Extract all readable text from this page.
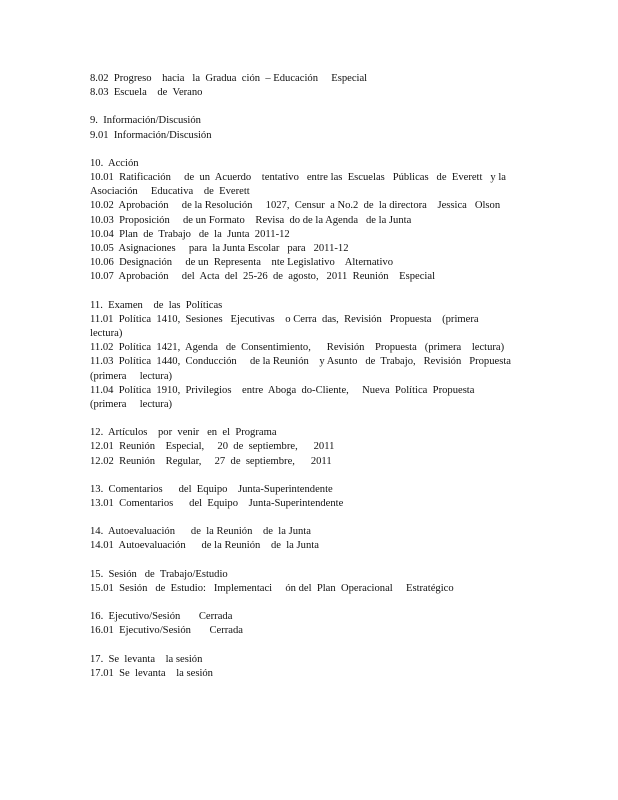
8.02  Progreso    hacia   la  Gradua  ción  – Educación     Especial
8.03  Escuela    de  Verano
9.  Información/Discusión
9.01  Información/Discusión
10.  Acción
10.01  Ratificación     de  un  Acuerdo    tentativo   entre las  Escuelas   Públicas   de  Everett   y la
Asociación     Educativa    de  Everett
10.02  Aprobación     de la Resolución     1027,  Censur  a No.2  de  la directora    Jessica   Olson
10.03  Proposición     de un Formato    Revisa  do de la Agenda   de la Junta
10.04  Plan  de  Trabajo   de  la  Junta  2011-12
10.05  Asignaciones     para  la Junta Escolar   para   2011-12
10.06  Designación     de un  Representa    nte Legislativo    Alternativo
10.07  Aprobación     del  Acta  del  25-26  de  agosto,   2011  Reunión    Especial
11.  Examen    de  las  Políticas
11.01  Política  1410,  Sesiones   Ejecutivas    o Cerra  das,  Revisión   Propuesta    (primera
lectura)
11.02  Política  1421,  Agenda   de  Consentimiento,      Revisión    Propuesta   (primera    lectura)
11.03  Política  1440,  Conducción     de la Reunión    y Asunto   de  Trabajo,   Revisión   Propuesta
(primera     lectura)
11.04  Política  1910,  Privilegios    entre  Aboga  do-Cliente,     Nueva  Política  Propuesta
(primera     lectura)
12.  Artículos    por  venir   en  el  Programa
12.01  Reunión    Especial,     20  de  septiembre,      2011
12.02  Reunión    Regular,     27  de  septiembre,      2011
13.  Comentarios      del  Equipo    Junta-Superintendente
13.01  Comentarios      del  Equipo    Junta-Superintendente
14.  Autoevaluación      de  la Reunión    de  la Junta
14.01  Autoevaluación      de la Reunión    de  la Junta
15.  Sesión   de  Trabajo/Estudio
15.01  Sesión   de  Estudio:   Implementaci     ón del  Plan  Operacional     Estratégico
16.  Ejecutivo/Sesión       Cerrada
16.01  Ejecutivo/Sesión       Cerrada
17.  Se  levanta    la sesión
17.01  Se  levanta    la sesión
